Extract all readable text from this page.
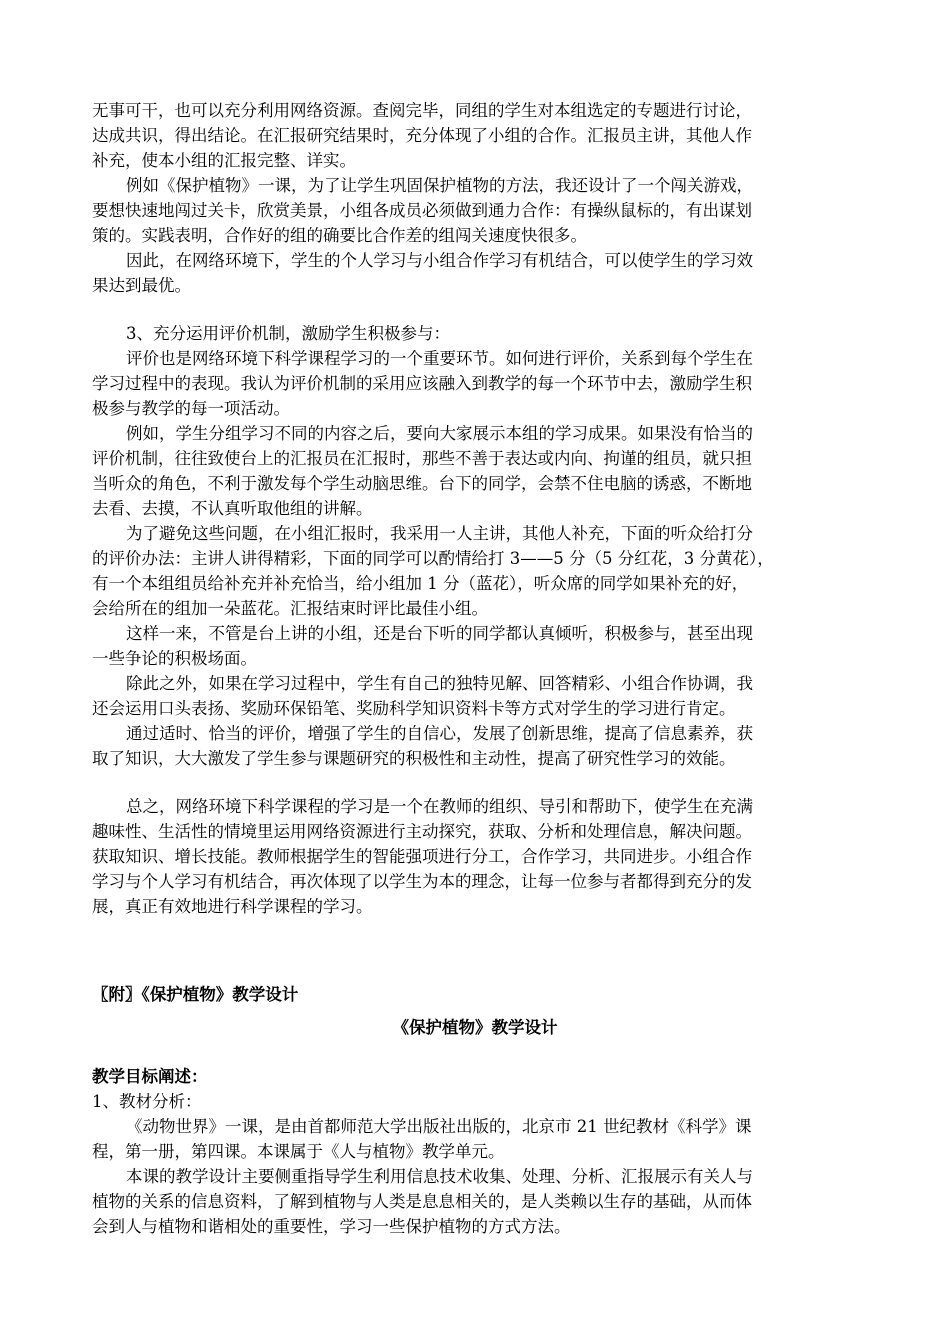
无事可干，也可以充分利用网络资源。查阅完毕，同组的学生对本组选定的专题进行讨论，
达成共识，得出结论。在汇报研究结果时，充分体现了小组的合作。汇报员主讲，其他人作
补充，使本小组的汇报完整、详实。
例如《保护植物》一课，为了让学生巩固保护植物的方法，我还设计了一个闯关游戏，
要想快速地闯过关卡，欣赏美景，小组各成员必须做到通力合作：有操纵鼠标的，有出谋划
策的。实践表明，合作好的组的确要比合作差的组闯关速度快很多。
因此，在网络环境下，学生的个人学习与小组合作学习有机结合，可以使学生的学习效
果达到最优。
3、充分运用评价机制，激励学生积极参与：
评价也是网络环境下科学课程学习的一个重要环节。如何进行评价，关系到每个学生在
学习过程中的表现。我认为评价机制的采用应该融入到教学的每一个环节中去，激励学生积
极参与教学的每一项活动。
例如，学生分组学习不同的内容之后，要向大家展示本组的学习成果。如果没有恰当的
评价机制，往往致使台上的汇报员在汇报时，那些不善于表达或内向、拘谨的组员，就只担
当听众的角色，不利于激发每个学生动脑思维。台下的同学，会禁不住电脑的诱惑，不断地
去看、去摸，不认真听取他组的讲解。
为了避免这些问题，在小组汇报时，我采用一人主讲，其他人补充，下面的听众给打分
的评价办法：主讲人讲得精彩，下面的同学可以酌情给打 3——5 分（5 分红花，3 分黄花），
有一个本组组员给补充并补充恰当，给小组加 1 分（蓝花），听众席的同学如果补充的好，
会给所在的组加一朵蓝花。汇报结束时评比最佳小组。
这样一来，不管是台上讲的小组，还是台下听的同学都认真倾听，积极参与，甚至出现
一些争论的积极场面。
除此之外，如果在学习过程中，学生有自己的独特见解、回答精彩、小组合作协调，我
还会运用口头表扬、奖励环保铅笔、奖励科学知识资料卡等方式对学生的学习进行肯定。
通过适时、恰当的评价，增强了学生的自信心，发展了创新思维，提高了信息素养，获
取了知识，大大激发了学生参与课题研究的积极性和主动性，提高了研究性学习的效能。
总之，网络环境下科学课程的学习是一个在教师的组织、导引和帮助下，使学生在充满
趣味性、生活性的情境里运用网络资源进行主动探究，获取、分析和处理信息，解决问题。
获取知识、增长技能。教师根据学生的智能强项进行分工，合作学习，共同进步。小组合作
学习与个人学习有机结合，再次体现了以学生为本的理念，让每一位参与者都得到充分的发
展，真正有效地进行科学课程的学习。
〖附〗《保护植物》教学设计
《保护植物》教学设计
教学目标阐述：
1、教材分析：
《动物世界》一课，是由首都师范大学出版社出版的，北京市 21 世纪教材《科学》课
程，第一册，第四课。本课属于《人与植物》教学单元。
本课的教学设计主要侧重指导学生利用信息技术收集、处理、分析、汇报展示有关人与
植物的关系的信息资料，了解到植物与人类是息息相关的，是人类赖以生存的基础，从而体
会到人与植物和谐相处的重要性，学习一些保护植物的方式方法。
